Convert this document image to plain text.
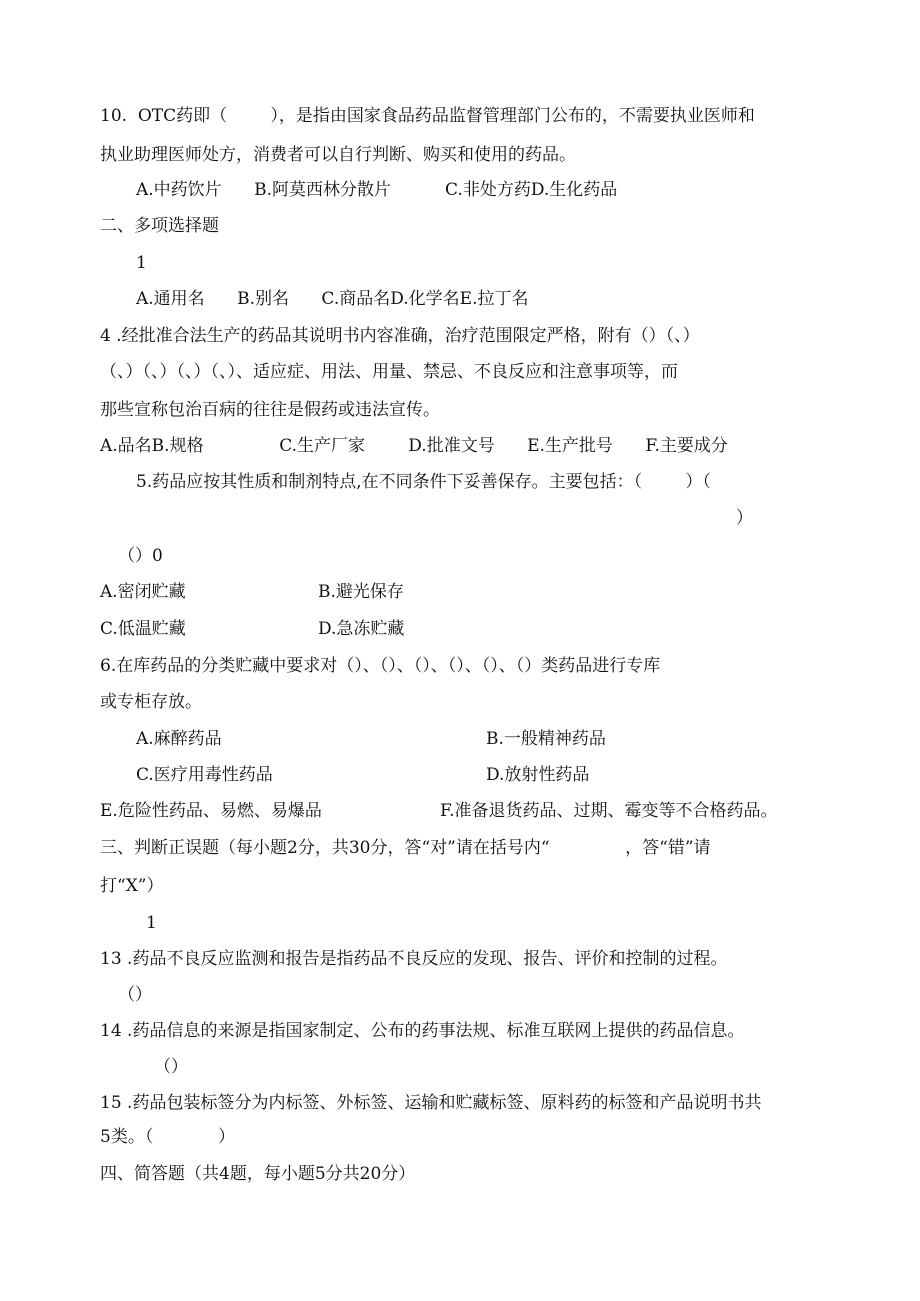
10.  OTC药即（        ），是指由国家食品药品监督管理部门公布的，不需要执业医师和
执业助理医师处方，消费者可以自行判断、购买和使用的药品。
A.中药饮片      B.阿莫西林分散片          C.非处方药D.生化药品
二、多项选择题
1
A.通用名      B.别名      C.商品名D.化学名E.拉丁名
4 .经批准合法生产的药品其说明书内容准确，治疗范围限定严格，附有（）（、）
（、）（、）（、）（、）、适应症、用法、用量、禁忌、不良反应和注意事项等，而
那些宣称包治百病的往往是假药或违法宣传。
A.品名B.规格              C.生产厂家        D.批准文号      E.生产批号      F.主要成分
5.药品应按其性质和制剂特点,在不同条件下妥善保存。主要包括：（        ）（
）
（）0
A.密闭贮藏	B.避光保存
C.低温贮藏	D.急冻贮藏
6.在库药品的分类贮藏中要求对（）、（）、（）、（）、（）、（）类药品进行专库
或专柜存放。
A.麻醉药品	B.一般精神药品
C.医疗用毒性药品	D.放射性药品
E.危险性药品、易燃、易爆品	F.准备退货药品、过期、霉变等不合格药品。
三、判断正误题（每小题2分，共30分，答“对”请在括号内“              ，答“错”请
打“X”）
1
13 .药品不良反应监测和报告是指药品不良反应的发现、报告、评价和控制的过程。
（）
14 .药品信息的来源是指国家制定、公布的药事法规、标准互联网上提供的药品信息。
（）
15 .药品包装标签分为内标签、外标签、运输和贮藏标签、原料药的标签和产品说明书共
5类。（            ）
四、简答题（共4题，每小题5分共20分）
